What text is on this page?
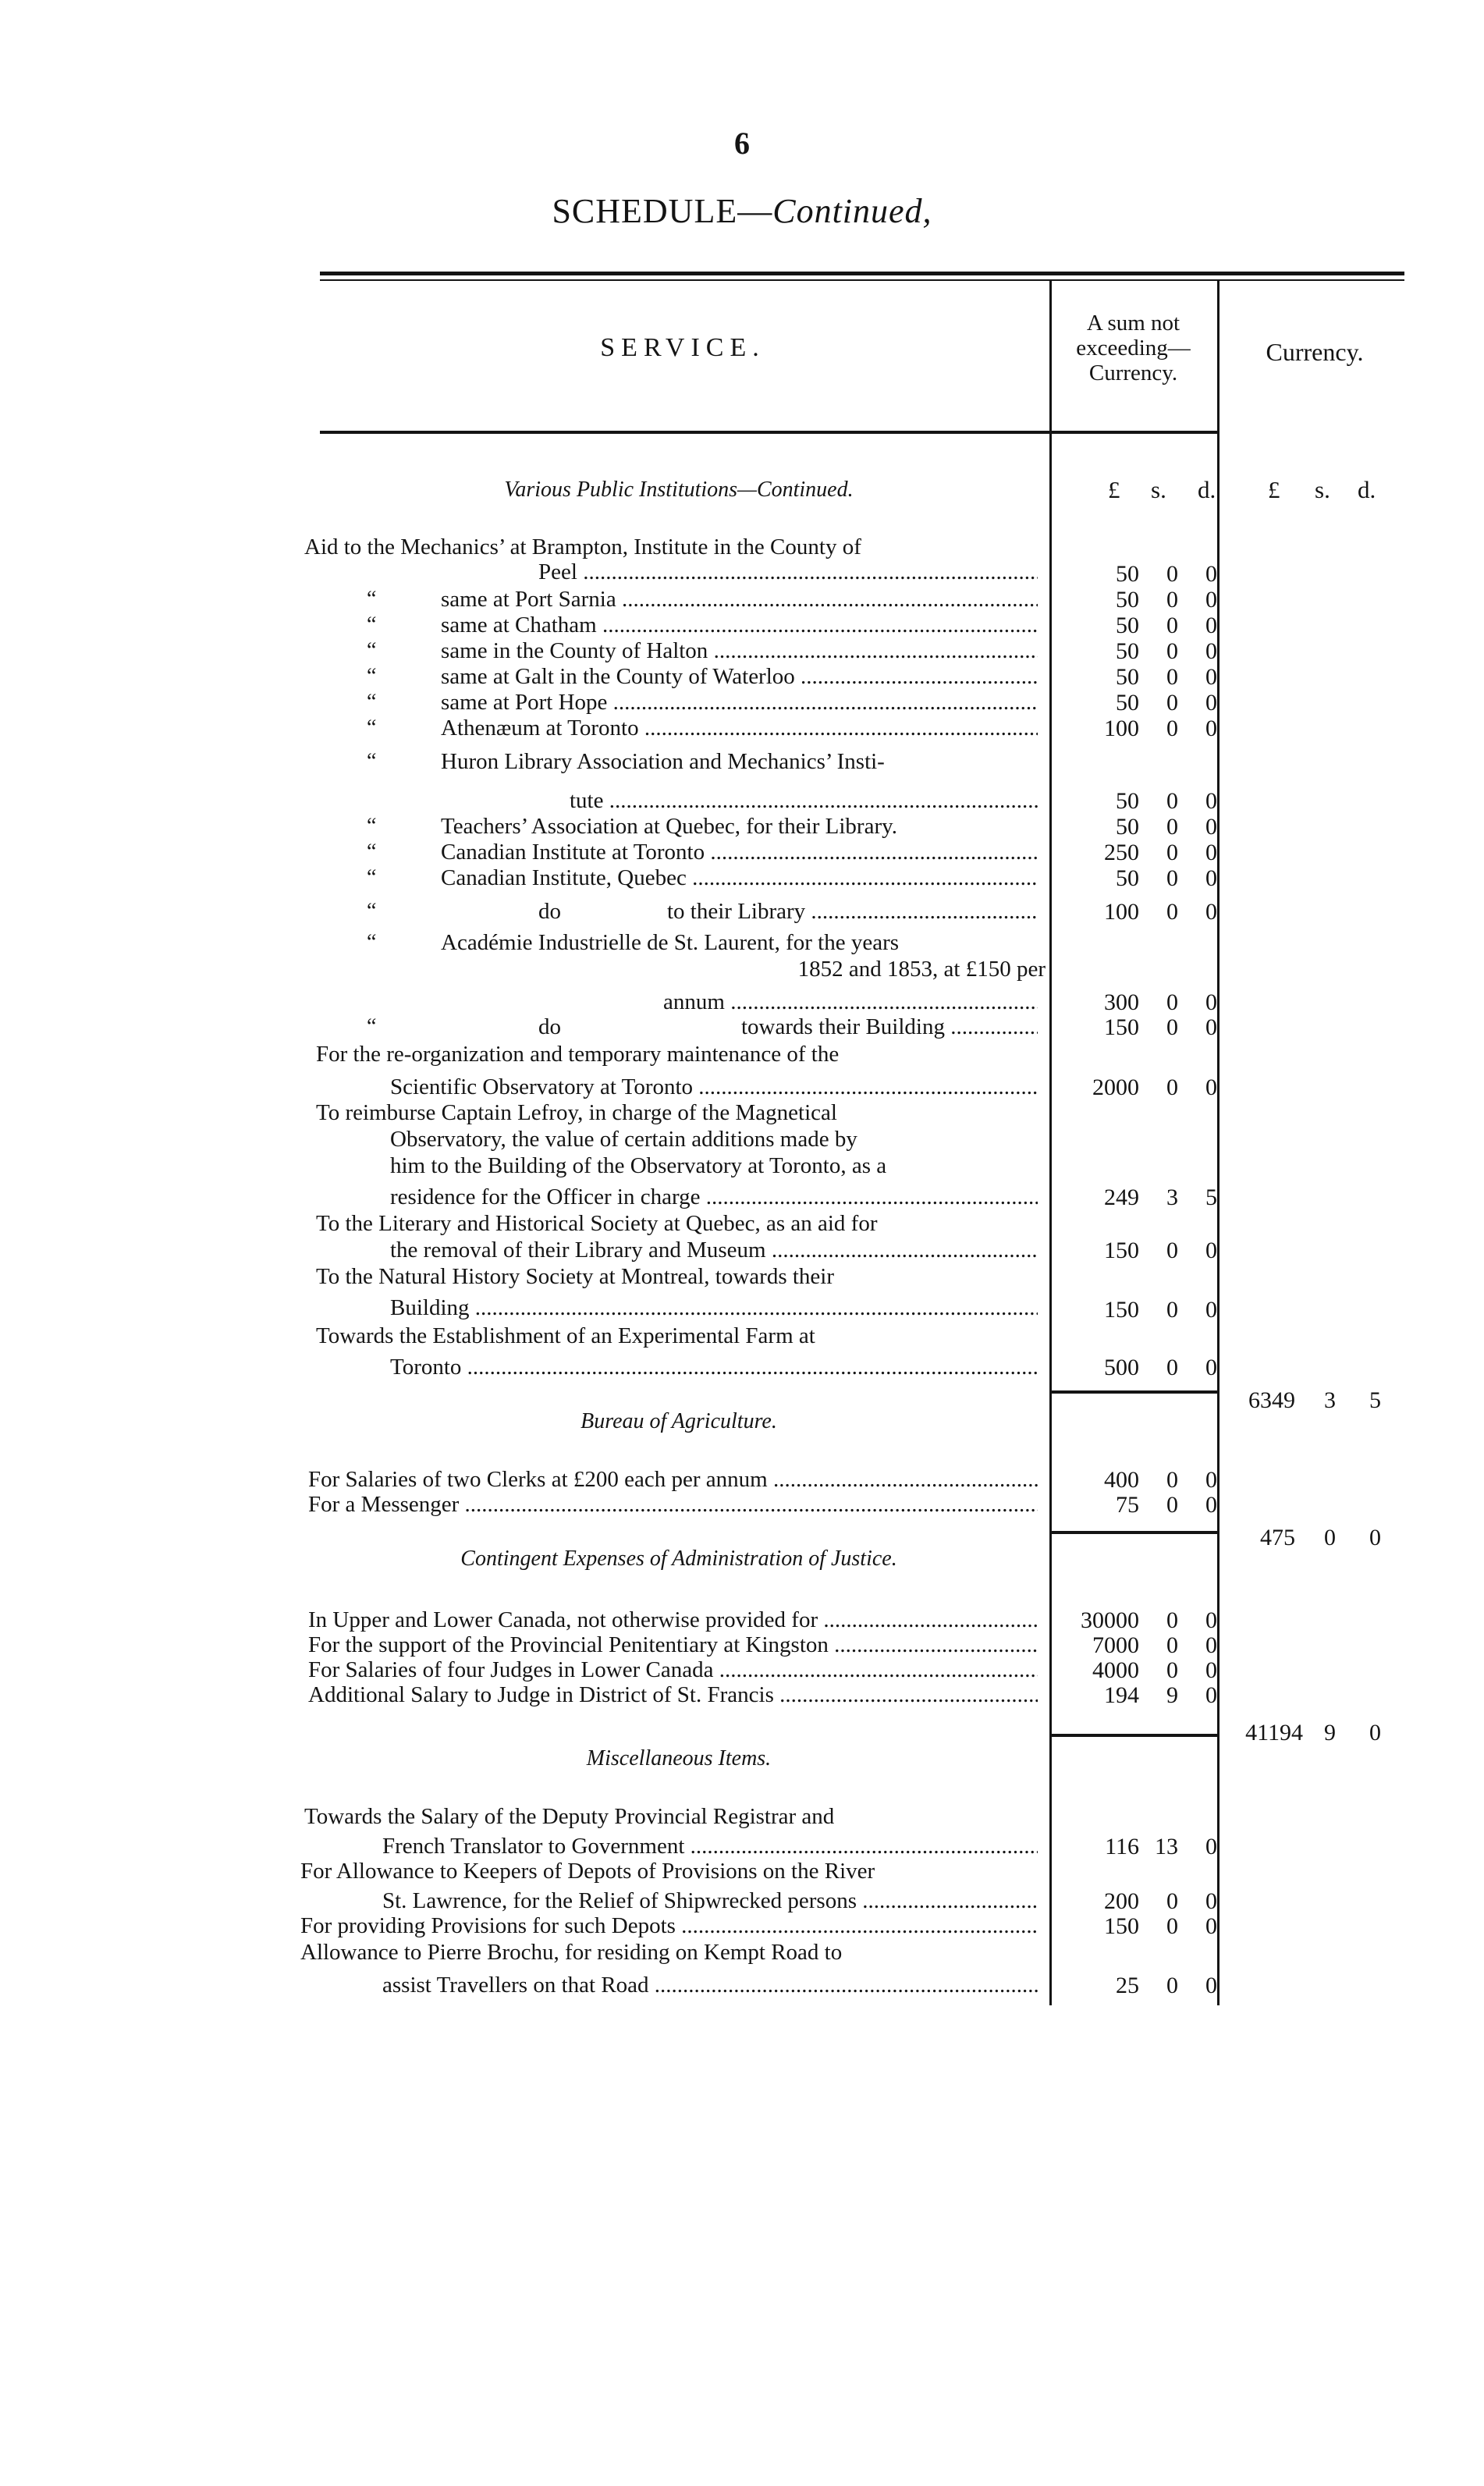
6
SCHEDULE—Continued,
SERVICE.
A sum not
exceeding—
Currency.
Currency.
Various Public Institutions—Continued.	£ s. d. £ s. d.
Aid to the Mechanics’ at Brampton, Institute in the County of
Peel .....	50	0	0
“	same at Port Sarnia .....	50	0	0
“	same at Chatham .....	50	0	0
“	same in the County of Halton .....	50	0	0
“	same at Galt in the County of Waterloo .....	50	0	0
“	same at Port Hope .....	50	0	0
“	Athenæum at Toronto .....	100	0	0
“	Huron Library Association and Mechanics’ Insti-
tute .....	50	0	0
“	Teachers’ Association at Quebec, for their Library.	50	0	0
“	Canadian Institute at Toronto .....	250	0	0
“	Canadian Institute, Quebec .....	50	0	0
“	do	to their Library .....	100	0	0
“	Académie Industrielle de St. Laurent, for the years
1852 and 1853, at £150 per
annum .....	300	0	0
“	do	towards their Building .....	150	0	0
For the re-organization and temporary maintenance of the
Scientific Observatory at Toronto .....	2000	0	0
To reimburse Captain Lefroy, in charge of the Magnetical
Observatory, the value of certain additions made by
him to the Building of the Observatory at Toronto, as a
residence for the Officer in charge .....	249	3	5
To the Literary and Historical Society at Quebec, as an aid for
the removal of their Library and Museum .....	150	0	0
To the Natural History Society at Montreal, towards their
Building .....	150	0	0
Towards the Establishment of an Experimental Farm at
Toronto .....	500	0	0
6349	3	5
Bureau of Agriculture.
For Salaries of two Clerks at £200 each per annum .....	400	0	0
For a Messenger .....	75	0	0
475	0	0
Contingent Expenses of Administration of Justice.
In Upper and Lower Canada, not otherwise provided for .....	30000	0	0
For the support of the Provincial Penitentiary at Kingston .....	7000	0	0
For Salaries of four Judges in Lower Canada .....	4000	0	0
Additional Salary to Judge in District of St. Francis .....	194	9	0
41194 9	0
Miscellaneous Items.
Towards the Salary of the Deputy Provincial Registrar and
French Translator to Government .....	116 13	0
For Allowance to Keepers of Depots of Provisions on the River
St. Lawrence, for the Relief of Shipwrecked persons .....	200	0	0
For providing Provisions for such Depots .....	150	0	0
Allowance to Pierre Brochu, for residing on Kempt Road to
assist Travellers on that Road .....	25	0	0
